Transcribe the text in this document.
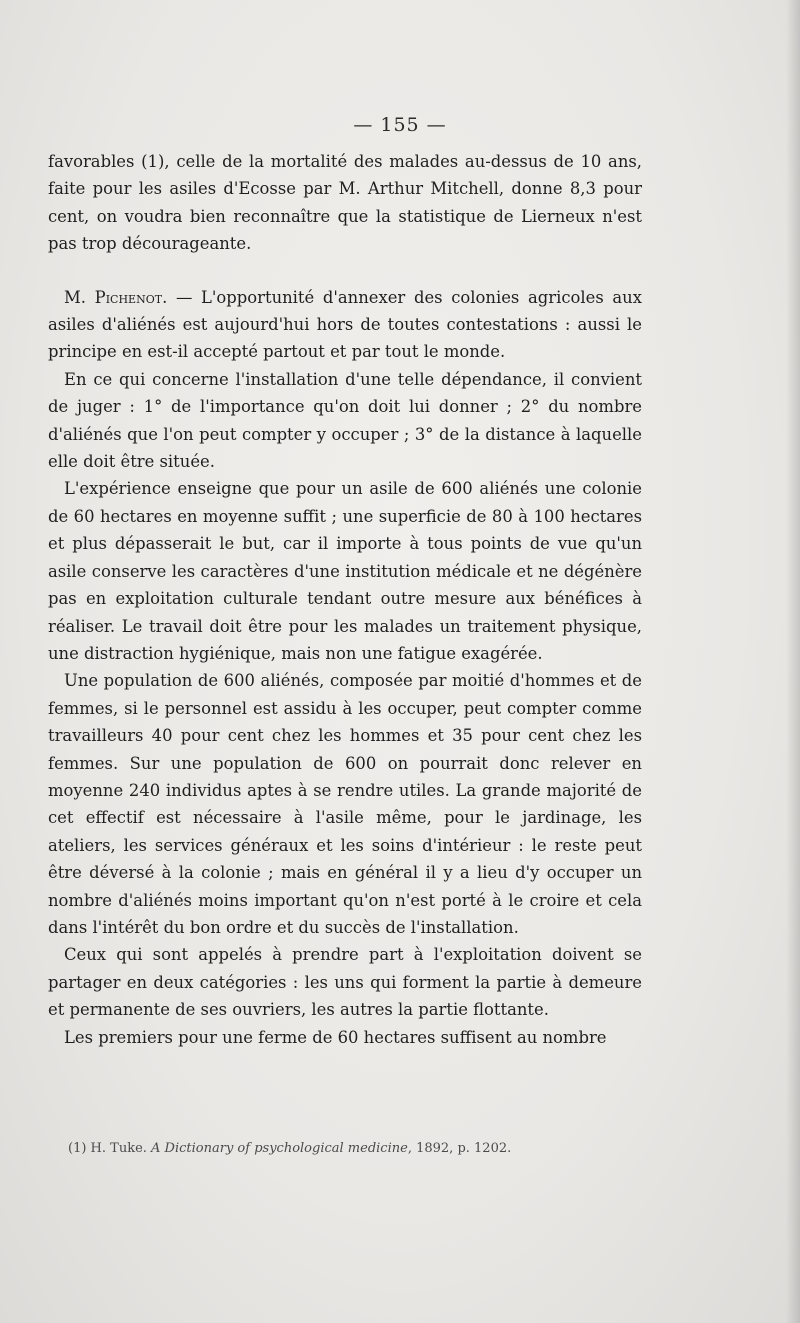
— 155 —

favorables (1), celle de la mortalité des malades au-dessus de 10 ans, faite pour les asiles d'Ecosse par M. Arthur Mitchell, donne 8,3 pour cent, on voudra bien reconnaître que la statistique de Lierneux n'est pas trop décourageante.

M. Pichenot. — L'opportunité d'annexer des colonies agricoles aux asiles d'aliénés est aujourd'hui hors de toutes contestations : aussi le principe en est-il accepté partout et par tout le monde.

En ce qui concerne l'installation d'une telle dépendance, il convient de juger : 1° de l'importance qu'on doit lui donner ; 2° du nombre d'aliénés que l'on peut compter y occuper ; 3° de la distance à laquelle elle doit être située.

L'expérience enseigne que pour un asile de 600 aliénés une colonie de 60 hectares en moyenne suffit ; une superficie de 80 à 100 hectares et plus dépasserait le but, car il importe à tous points de vue qu'un asile conserve les caractères d'une institution médicale et ne dégénère pas en exploitation culturale tendant outre mesure aux bénéfices à réaliser. Le travail doit être pour les malades un traitement physique, une distraction hygiénique, mais non une fatigue exagérée.

Une population de 600 aliénés, composée par moitié d'hommes et de femmes, si le personnel est assidu à les occuper, peut compter comme travailleurs 40 pour cent chez les hommes et 35 pour cent chez les femmes. Sur une population de 600 on pourrait donc relever en moyenne 240 individus aptes à se rendre utiles. La grande majorité de cet effectif est nécessaire à l'asile même, pour le jardinage, les ateliers, les services généraux et les soins d'intérieur : le reste peut être déversé à la colonie ; mais en général il y a lieu d'y occuper un nombre d'aliénés moins important qu'on n'est porté à le croire et cela dans l'intérêt du bon ordre et du succès de l'installation.

Ceux qui sont appelés à prendre part à l'exploitation doivent se partager en deux catégories : les uns qui forment la partie à demeure et permanente de ses ouvriers, les autres la partie flottante.

Les premiers pour une ferme de 60 hectares suffisent au nombre

(1) H. Tuke. A Dictionary of psychological medicine, 1892, p. 1202.
